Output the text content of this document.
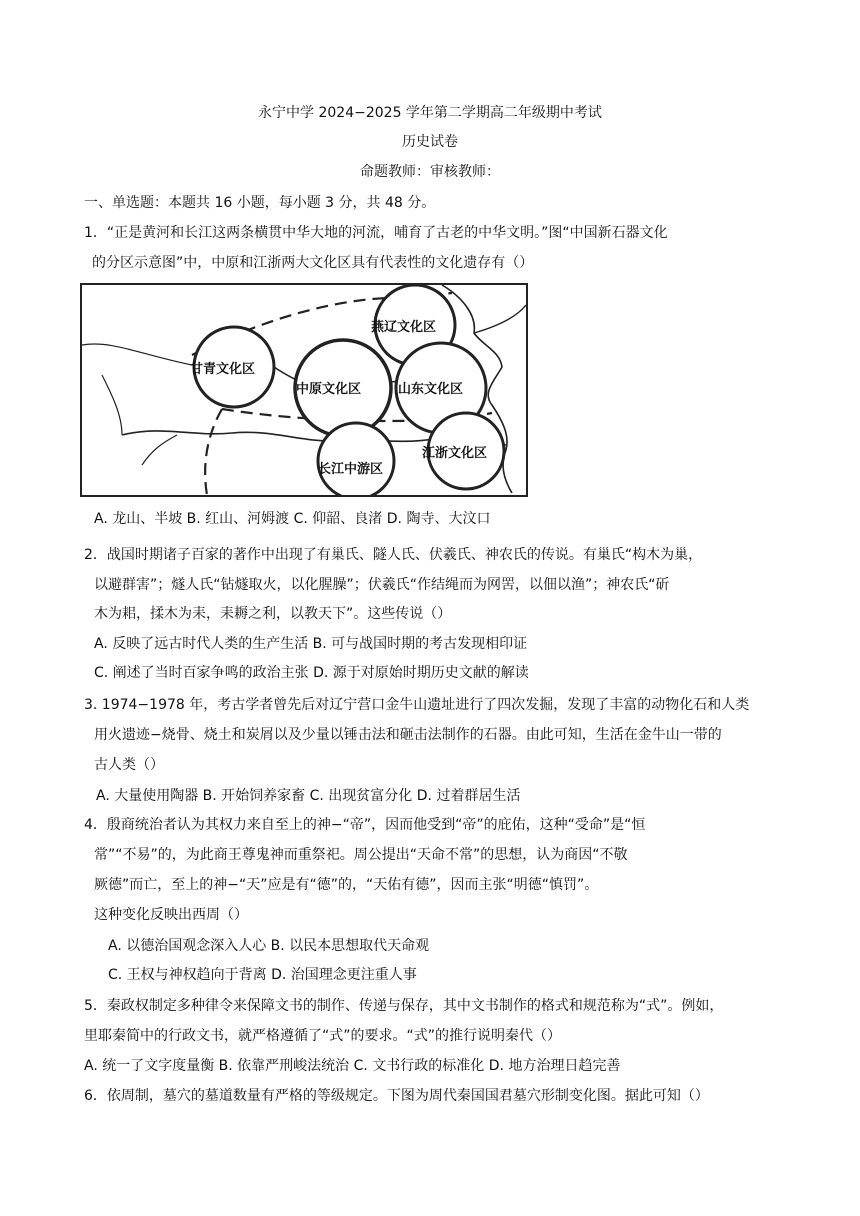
永宁中学 2024−2025 学年第二学期高二年级期中考试
历史试卷
命题教师：审核教师：
一、单选题：本题共 16 小题，每小题 3 分，共 48 分。
1．“正是黄河和长江这两条横贯中华大地的河流，哺育了古老的中华文明。”图“中国新石器文化
的分区示意图”中，中原和江浙两大文化区具有代表性的文化遗存有（）
燕辽文化区
甘青文化区
中原文化区	山东文化区
长江中游区
江浙文化区
A. 龙山、半坡 B. 红山、河姆渡 C. 仰韶、良渚 D. 陶寺、大汶口
2．战国时期诸子百家的著作中出现了有巢氏、隧人氏、伏羲氏、神农氏的传说。有巢氏“构木为巢，
以避群害”；燧人氏“钻燧取火，以化腥臊”；伏羲氏“作结绳而为网罟，以佃以渔”；神农氏“斫
木为耜，揉木为耒，耒耨之利，以教天下”。这些传说（）
A. 反映了远古时代人类的生产生活 B. 可与战国时期的考古发现相印证
C. 阐述了当时百家争鸣的政治主张 D. 源于对原始时期历史文献的解读
3. 1974−1978 年，考古学者曾先后对辽宁营口金牛山遗址进行了四次发掘，发现了丰富的动物化石和人类
用火遗迹−烧骨、烧土和炭屑以及少量以锤击法和砸击法制作的石器。由此可知，生活在金牛山一带的
古人类（）
A. 大量使用陶器 B. 开始饲养家畜 C. 出现贫富分化 D. 过着群居生活
4．殷商统治者认为其权力来自至上的神−“帝”，因而他受到“帝”的庇佑，这种“受命”是“恒
常”“不易”的，为此商王尊鬼神而重祭祀。周公提出“天命不常”的思想，认为商因“不敬
厥德”而亡，至上的神−“天”应是有“德”的，“天佑有德”，因而主张“明德“慎罚”。
这种变化反映出西周（）
A. 以德治国观念深入人心 B. 以民本思想取代天命观
C. 王权与神权趋向于背离 D. 治国理念更注重人事
5．秦政权制定多种律令来保障文书的制作、传递与保存，其中文书制作的格式和规范称为“式”。例如，
里耶秦简中的行政文书，就严格遵循了“式”的要求。“式”的推行说明秦代（）
A. 统一了文字度量衡 B. 依靠严刑峻法统治 C. 文书行政的标准化 D. 地方治理日趋完善
6．依周制，墓穴的墓道数量有严格的等级规定。下图为周代秦国国君墓穴形制变化图。据此可知（）
